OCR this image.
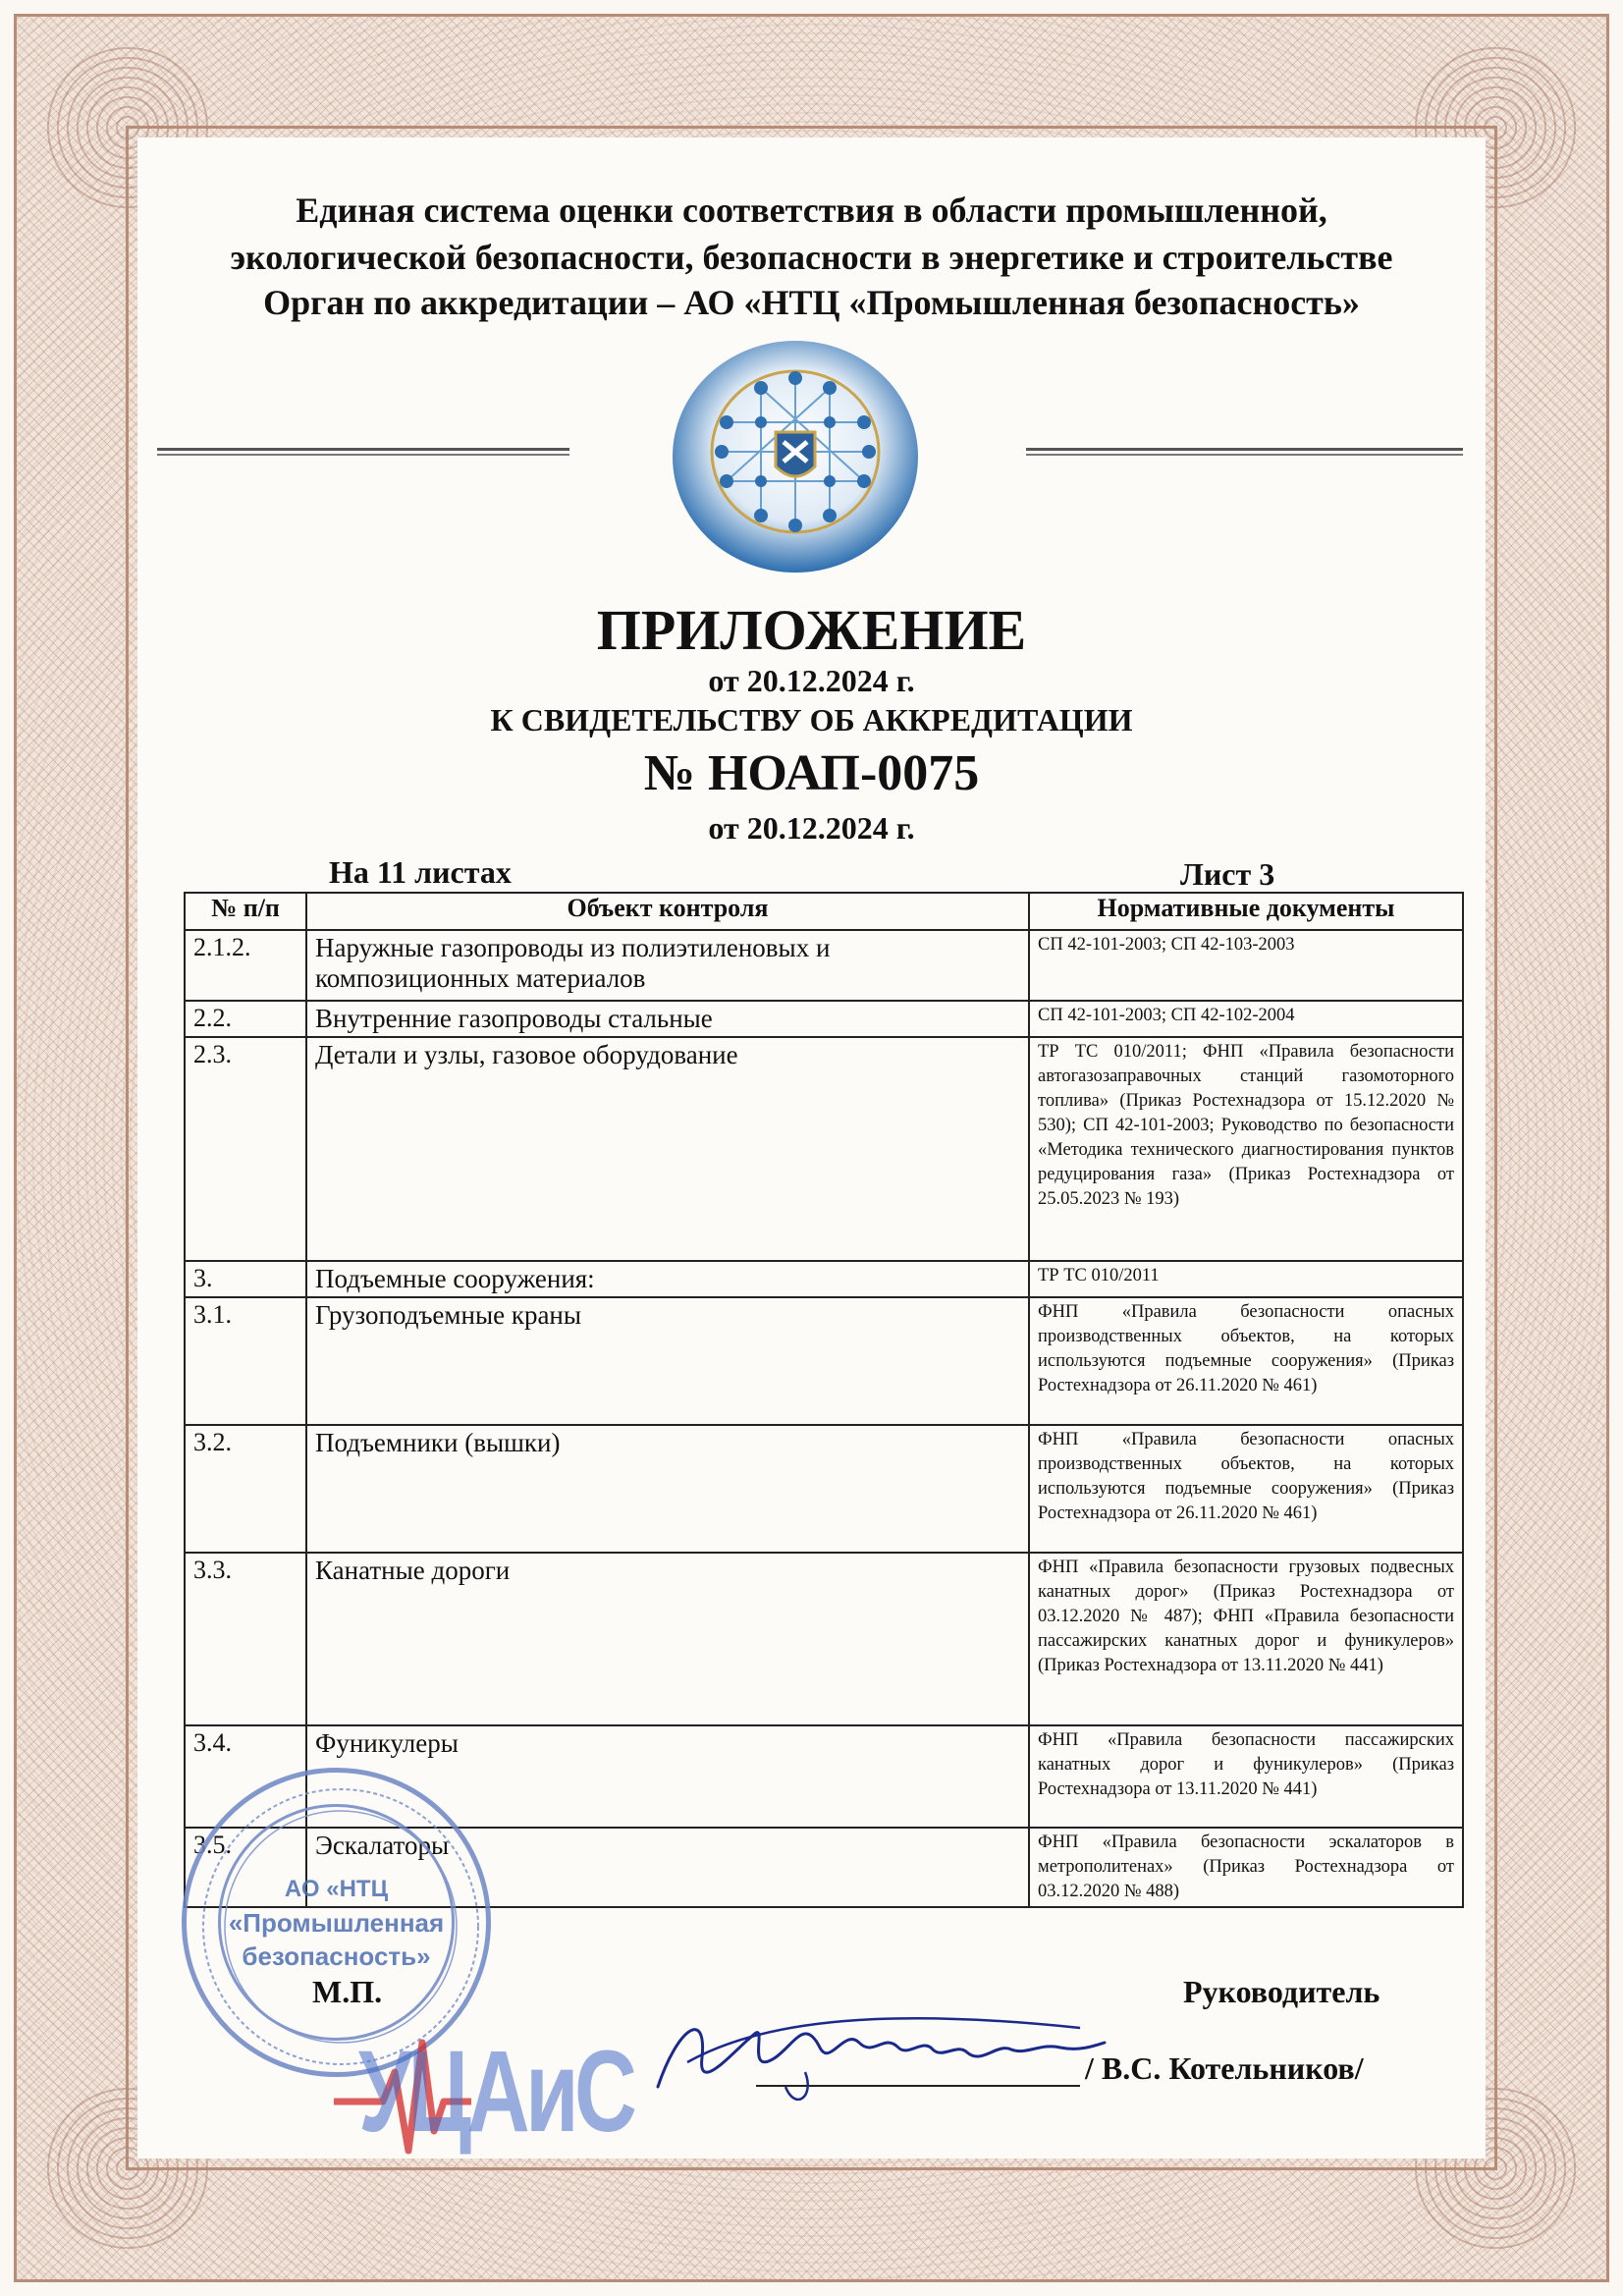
Единая система оценки соответствия в области промышленной,
экологической безопасности, безопасности в энергетике и строительстве
Орган по аккредитации – АО «НТЦ «Промышленная безопасность»
ПРИЛОЖЕНИЕ
от 20.12.2024 г.
К СВИДЕТЕЛЬСТВУ ОБ АККРЕДИТАЦИИ
№ НОАП-0075
от 20.12.2024 г.
На 11 листах	Лист 3
№ п/п	Объект контроля	Нормативные документы
2.1.2.	Наружные газопроводы из полиэтиленовых и композиционных материалов	СП 42-101-2003; СП 42-103-2003
2.2.	Внутренние газопроводы стальные	СП 42-101-2003; СП 42-102-2004
2.3.	Детали и узлы, газовое оборудование	ТР ТС 010/2011; ФНП «Правила безопасности автогазозаправочных станций газомоторного топлива» (Приказ Ростехнадзора от 15.12.2020 № 530); СП 42-101-2003; Руководство по безопасности «Методика технического диагностирования пунктов редуцирования газа» (Приказ Ростехнадзора от 25.05.2023 № 193)
3.	Подъемные сооружения:	ТР ТС 010/2011
3.1.	Грузоподъемные краны	ФНП «Правила безопасности опасных производственных объектов, на которых используются подъемные сооружения» (Приказ Ростехнадзора от 26.11.2020 № 461)
3.2.	Подъемники (вышки)	ФНП «Правила безопасности опасных производственных объектов, на которых используются подъемные сооружения» (Приказ Ростехнадзора от 26.11.2020 № 461)
3.3.	Канатные дороги	ФНП «Правила безопасности грузовых подвесных канатных дорог» (Приказ Ростехнадзора от 03.12.2020 № 487); ФНП «Правила безопасности пассажирских канатных дорог и фуникулеров» (Приказ Ростехнадзора от 13.11.2020 № 441)
3.4.	Фуникулеры	ФНП «Правила безопасности пассажирских канатных дорог и фуникулеров» (Приказ Ростехнадзора от 13.11.2020 № 441)
3.5.	Эскалаторы	ФНП «Правила безопасности эскалаторов в метрополитенах» (Приказ Ростехнадзора от 03.12.2020 № 488)
АО «НТЦ
«Промышленная
безопасность»
М.П.	Руководитель
/ В.С. Котельников/
УЦАиС
